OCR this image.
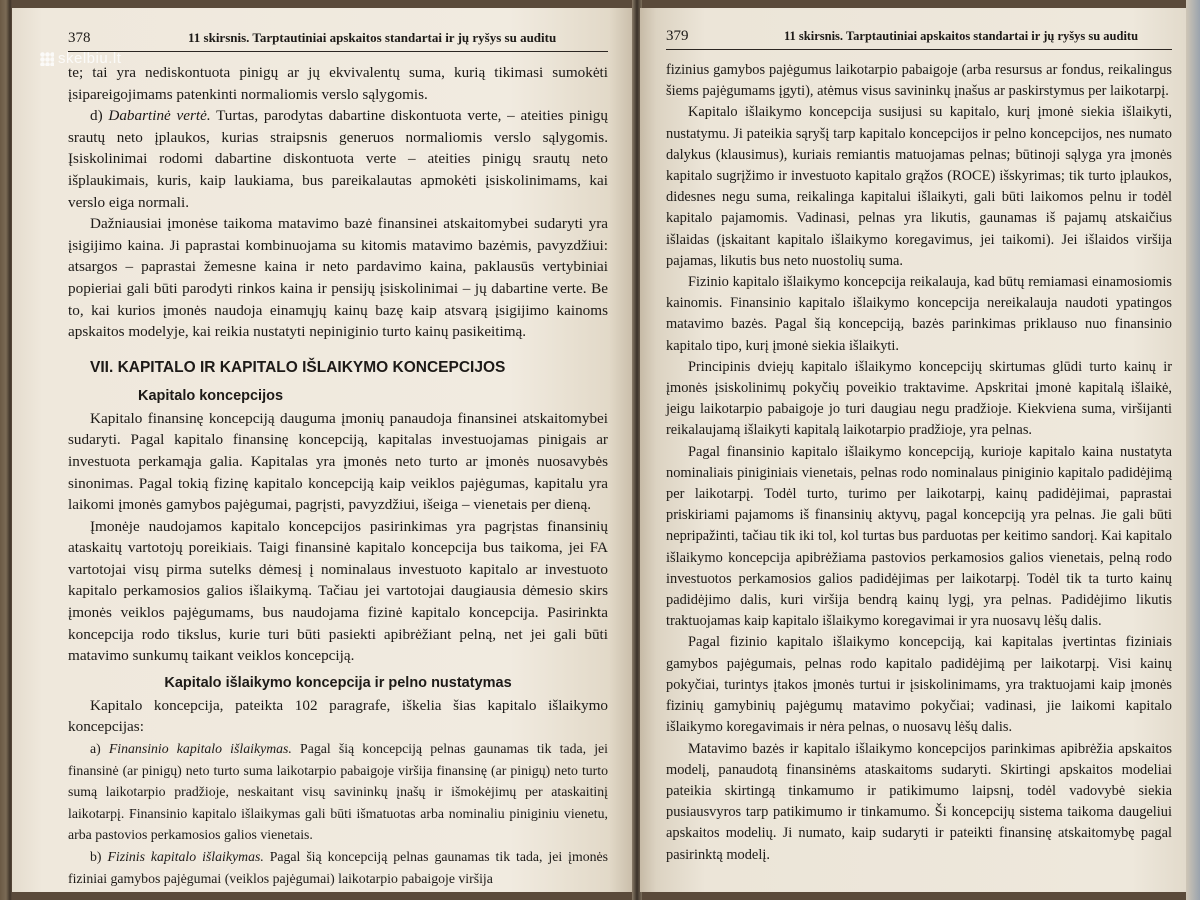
378	11 skirsnis. Tarptautiniai apskaitos standartai ir jų ryšys su auditu

te; tai yra nediskontuota pinigų ar jų ekvivalentų suma, kurią tikimasi sumokėti įsipareigojimams patenkinti normaliomis verslo sąlygomis.

d) Dabartinė vertė. Turtas, parodytas dabartine diskontuota verte, – ateities pinigų srautų neto įplaukos, kurias straipsnis generuos normaliomis verslo sąlygomis. Įsiskolinimai rodomi dabartine diskontuota verte – ateities pinigų srautų neto išplaukimais, kuris, kaip laukiama, bus pareikalautas apmokėti įsiskolinimams, kai verslo eiga normali.

Dažniausiai įmonėse taikoma matavimo bazė finansinei atskaitomybei sudaryti yra įsigijimo kaina. Ji paprastai kombinuojama su kitomis matavimo bazėmis, pavyzdžiui: atsargos – paprastai žemesne kaina ir neto pardavimo kaina, paklausūs vertybiniai popieriai gali būti parodyti rinkos kaina ir pensijų įsiskolinimai – jų dabartine verte. Be to, kai kurios įmonės naudoja einamųjų kainų bazę kaip atsvarą įsigijimo kainoms apskaitos modelyje, kai reikia nustatyti nepiniginio turto kainų pasikeitimą.

VII. KAPITALO IR KAPITALO IŠLAIKYMO KONCEPCIJOS
Kapitalo koncepcijos

Kapitalo finansinę koncepciją dauguma įmonių panaudoja finansinei atskaitomybei sudaryti. Pagal kapitalo finansinę koncepciją, kapitalas investuojamas pinigais ar investuota perkamąja galia. Kapitalas yra įmonės neto turto ar įmonės nuosavybės sinonimas. Pagal tokią fizinę kapitalo koncepciją kaip veiklos pajėgumas, kapitalu yra laikomi įmonės gamybos pajėgumai, pagrįsti, pavyzdžiui, išeiga – vienetais per dieną.

Įmonėje naudojamos kapitalo koncepcijos pasirinkimas yra pagrįstas finansinių ataskaitų vartotojų poreikiais. Taigi finansinė kapitalo koncepcija bus taikoma, jei FA vartotojai visų pirma sutelks dėmesį į nominalaus investuoto kapitalo ar investuoto kapitalo perkamosios galios išlaikymą. Tačiau jei vartotojai daugiausia dėmesio skirs įmonės veiklos pajėgumams, bus naudojama fizinė kapitalo koncepcija. Pasirinkta koncepcija rodo tikslus, kurie turi būti pasiekti apibrėžiant pelną, net jei gali būti matavimo sunkumų taikant veiklos koncepciją.

Kapitalo išlaikymo koncepcija ir pelno nustatymas

Kapitalo koncepcija, pateikta 102 paragrafe, iškelia šias kapitalo išlaikymo koncepcijas:

a) Finansinio kapitalo išlaikymas. Pagal šią koncepciją pelnas gaunamas tik tada, jei finansinė (ar pinigų) neto turto suma laikotarpio pabaigoje viršija finansinę (ar pinigų) neto turto sumą laikotarpio pradžioje, neskaitant visų savininkų įnašų ir išmokėjimų per ataskaitinį laikotarpį. Finansinio kapitalo išlaikymas gali būti išmatuotas arba nominaliu piniginiu vienetu, arba pastovios perkamosios galios vienetais.

b) Fizinis kapitalo išlaikymas. Pagal šią koncepciją pelnas gaunamas tik tada, jei įmonės fiziniai gamybos pajėgumai (veiklos pajėgumai) laikotarpio pabaigoje viršija

379	11 skirsnis. Tarptautiniai apskaitos standartai ir jų ryšys su auditu

fizinius gamybos pajėgumus laikotarpio pabaigoje (arba resursus ar fondus, reikalingus šiems pajėgumams įgyti), atėmus visus savininkų įnašus ar paskirstymus per laikotarpį.

Kapitalo išlaikymo koncepcija susijusi su kapitalo, kurį įmonė siekia išlaikyti, nustatymu. Ji pateikia sąryšį tarp kapitalo koncepcijos ir pelno koncepcijos, nes numato dalykus (klausimus), kuriais remiantis matuojamas pelnas; būtinoji sąlyga yra įmonės kapitalo sugrįžimo ir investuoto kapitalo grąžos (ROCE) išskyrimas; tik turto įplaukos, didesnes negu suma, reikalinga kapitalui išlaikyti, gali būti laikomos pelnu ir todėl kapitalo pajamomis. Vadinasi, pelnas yra likutis, gaunamas iš pajamų atskaičius išlaidas (įskaitant kapitalo išlaikymo koregavimus, jei taikomi). Jei išlaidos viršija pajamas, likutis bus neto nuostolių suma.

Fizinio kapitalo išlaikymo koncepcija reikalauja, kad būtų remiamasi einamosiomis kainomis. Finansinio kapitalo išlaikymo koncepcija nereikalauja naudoti ypatingos matavimo bazės. Pagal šią koncepciją, bazės parinkimas priklauso nuo finansinio kapitalo tipo, kurį įmonė siekia išlaikyti.

Principinis dviejų kapitalo išlaikymo koncepcijų skirtumas glūdi turto kainų ir įmonės įsiskolinimų pokyčių poveikio traktavime. Apskritai įmonė kapitalą išlaikė, jeigu laikotarpio pabaigoje jo turi daugiau negu pradžioje. Kiekviena suma, viršijanti reikalaujamą išlaikyti kapitalą laikotarpio pradžioje, yra pelnas.

Pagal finansinio kapitalo išlaikymo koncepciją, kurioje kapitalo kaina nustatyta nominaliais piniginiais vienetais, pelnas rodo nominalaus piniginio kapitalo padidėjimą per laikotarpį. Todėl turto, turimo per laikotarpį, kainų padidėjimai, paprastai priskiriami pajamoms iš finansinių aktyvų, pagal koncepciją yra pelnas. Jie gali būti nepripažinti, tačiau tik iki tol, kol turtas bus parduotas per keitimo sandorį. Kai kapitalo išlaikymo koncepcija apibrėžiama pastovios perkamosios galios vienetais, pelną rodo investuotos perkamosios galios padidėjimas per laikotarpį. Todėl tik ta turto kainų padidėjimo dalis, kuri viršija bendrą kainų lygį, yra pelnas. Padidėjimo likutis traktuojamas kaip kapitalo išlaikymo koregavimai ir yra nuosavų lėšų dalis.

Pagal fizinio kapitalo išlaikymo koncepciją, kai kapitalas įvertintas fiziniais gamybos pajėgumais, pelnas rodo kapitalo padidėjimą per laikotarpį. Visi kainų pokyčiai, turintys įtakos įmonės turtui ir įsiskolinimams, yra traktuojami kaip įmonės fizinių gamybinių pajėgumų matavimo pokyčiai; vadinasi, jie laikomi kapitalo išlaikymo koregavimais ir nėra pelnas, o nuosavų lėšų dalis.

Matavimo bazės ir kapitalo išlaikymo koncepcijos parinkimas apibrėžia apskaitos modelį, panaudotą finansinėms ataskaitoms sudaryti. Skirtingi apskaitos modeliai pateikia skirtingą tinkamumo ir patikimumo laipsnį, todėl vadovybė siekia pusiausvyros tarp patikimumo ir tinkamumo. Ši koncepcijų sistema taikoma daugeliui apskaitos modelių. Ji numato, kaip sudaryti ir pateikti finansinę atskaitomybę pagal pasirinktą modelį.

skelbiu.lt
